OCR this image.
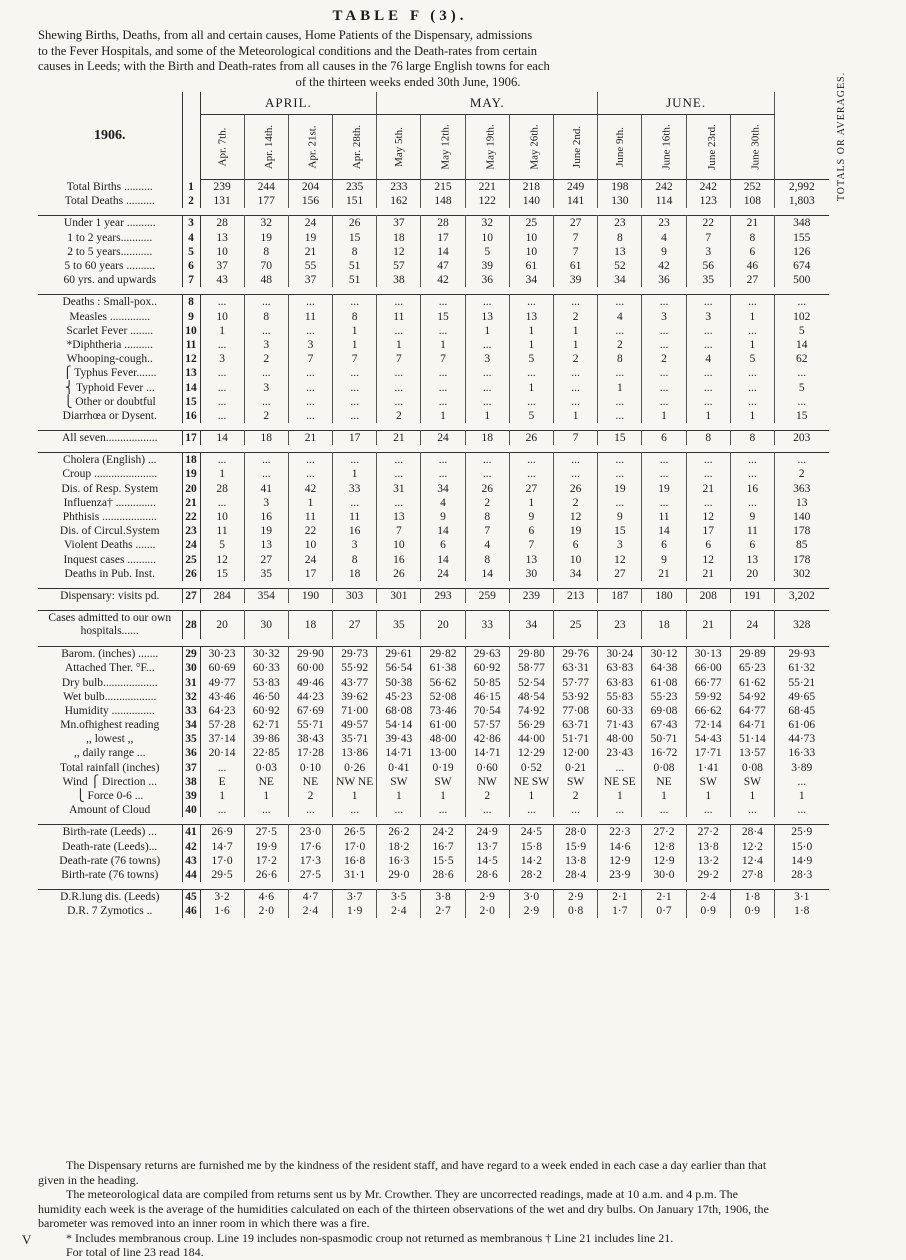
TABLE F (3).

Shewing Births, Deaths, from all and certain causes, Home Patients of the Dispensary, admissions

to the Fever Hospitals, and some of the Meteorological conditions and the Death-rates from certain

causes in Leeds; with the Birth and Death-rates from all causes in the 76 large English towns for each

of the thirteen weeks ended 30th June, 1906.

1906.		APRIL.				MAY.					JUNE.				TOTALS OR AVERAGES.
		Apr. 7th.	Apr. 14th.	Apr. 21st.	Apr. 28th.	May 5th.	May 12th.	May 19th.	May 26th.	June 2nd.	June 9th.	June 16th.	June 23rd.	June 30th.	
Total Births ..........	1	239	244	204	235	233	215	221	218	249	198	242	242	252	2,992
Total Deaths ..........	2	131	177	156	151	162	148	122	140	141	130	114	123	108	1,803

Under 1 year ..........	3	28	32	24	26	37	28	32	25	27	23	23	22	21	348
1 to 2 years...........	4	13	19	19	15	18	17	10	10	7	8	4	7	8	155
2 to 5 years...........	5	10	8	21	8	12	14	5	10	7	13	9	3	6	126
5 to 60 years ..........	6	37	70	55	51	57	47	39	61	61	52	42	56	46	674
60 yrs. and upwards	7	43	48	37	51	38	42	36	34	39	34	36	35	27	500

Deaths : Small-pox..	8	...	...	...	...	...	...	...	...	...	...	...	...	...	...
Measles ..............	9	10	8	11	8	11	15	13	13	2	4	3	3	1	102
Scarlet Fever ........	10	1	...	...	1	...	...	1	1	1	...	...	...	...	5
*Diphtheria ..........	11	...	3	3	1	1	1	...	1	1	2	...	...	1	14
Whooping-cough..	12	3	2	7	7	7	7	3	5	2	8	2	4	5	62
⎧ Typhus Fever.......	13	...	...	...	...	...	...	...	...	...	...	...	...	...	...
⎨ Typhoid Fever ...	14	...	3	...	...	...	...	...	1	...	1	...	...	...	5
⎩ Other or doubtful	15	...	...	...	...	...	...	...	...	...	...	...	...	...	...
Diarrhœa or Dysent.	16	...	2	...	...	2	1	1	5	1	...	1	1	1	15

All seven..................	17	14	18	21	17	21	24	18	26	7	15	6	8	8	203

Cholera (English) ...	18	...	...	...	...	...	...	...	...	...	...	...	...	...	...
Croup ......................	19	1	...	...	1	...	...	...	...	...	...	...	...	...	2
Dis. of Resp. System	20	28	41	42	33	31	34	26	27	26	19	19	21	16	363
Influenza† ..............	21	...	3	1	...	...	4	2	1	2	...	...	...	...	13
Phthisis ...................	22	10	16	11	11	13	9	8	9	12	9	11	12	9	140
Dis. of Circul.System	23	11	19	22	16	7	14	7	6	19	15	14	17	11	178
Violent Deaths .......	24	5	13	10	3	10	6	4	7	6	3	6	6	6	85
Inquest cases ..........	25	12	27	24	8	16	14	8	13	10	12	9	12	13	178
Deaths in Pub. Inst.	26	15	35	17	18	26	24	14	30	34	27	21	21	20	302

Dispensary: visits pd.	27	284	354	190	303	301	293	259	239	213	187	180	208	191	3,202

Cases admitted to our own hospitals......	28	20	30	18	27	35	20	33	34	25	23	18	21	24	328

Barom. (inches) .......	29	30·23	30·32	29·90	29·73	29·61	29·82	29·63	29·80	29·76	30·24	30·12	30·13	29·89	29·93
Attached Ther. °F...	30	60·69	60·33	60·00	55·92	56·54	61·38	60·92	58·77	63·31	63·83	64·38	66·00	65·23	61·32
Dry bulb...................	31	49·77	53·83	49·46	43·77	50·38	56·62	50·85	52·54	57·77	63·83	61·08	66·77	61·62	55·21
Wet bulb..................	32	43·46	46·50	44·23	39·62	45·23	52·08	46·15	48·54	53·92	55·83	55·23	59·92	54·92	49·65
Humidity ...............	33	64·23	60·92	67·69	71·00	68·08	73·46	70·54	74·92	77·08	60·33	69·08	66·62	64·77	68·45
Mn.ofhighest reading	34	57·28	62·71	55·71	49·57	54·14	61·00	57·57	56·29	63·71	71·43	67·43	72·14	64·71	61·06
,, lowest ,,	35	37·14	39·86	38·43	35·71	39·43	48·00	42·86	44·00	51·71	48·00	50·71	54·43	51·14	44·73
,, daily range ...	36	20·14	22·85	17·28	13·86	14·71	13·00	14·71	12·29	12·00	23·43	16·72	17·71	13·57	16·33
Total rainfall (inches)	37	...	0·03	0·10	0·26	0·41	0·19	0·60	0·52	0·21	...	0·08	1·41	0·08	3·89
Wind ⎧ Direction ...	38	E	NE	NE	NW NE	SW	SW	NW	NE SW	SW	NE SE	NE	SW	SW	...
⎩ Force 0-6 ...	39	1	1	2	1	1	1	2	1	2	1	1	1	1	1
Amount of Cloud	40	...	...	...	...	...	...	...	...	...	...	...	...	...	...

Birth-rate (Leeds) ...	41	26·9	27·5	23·0	26·5	26·2	24·2	24·9	24·5	28·0	22·3	27·2	27·2	28·4	25·9
Death-rate (Leeds)...	42	14·7	19·9	17·6	17·0	18·2	16·7	13·7	15·8	15·9	14·6	12·8	13·8	12·2	15·0
Death-rate (76 towns)	43	17·0	17·2	17·3	16·8	16·3	15·5	14·5	14·2	13·8	12·9	12·9	13·2	12·4	14·9
Birth-rate (76 towns)	44	29·5	26·6	27·5	31·1	29·0	28·6	28·6	28·2	28·4	23·9	30·0	29·2	27·8	28·3

D.R.lung dis. (Leeds)	45	3·2	4·6	4·7	3·7	3·5	3·8	2·9	3·0	2·9	2·1	2·1	2·4	1·8	3·1
D.R. 7 Zymotics ..	46	1·6	2·0	2·4	1·9	2·4	2·7	2·0	2·9	0·8	1·7	0·7	0·9	0·9	1·8

The Dispensary returns are furnished me by the kindness of the resident staff, and have regard to a week ended in each case a day earlier than that given in the heading.

The meteorological data are compiled from returns sent us by Mr. Crowther. They are uncorrected readings, made at 10 a.m. and 4 p.m. The humidity each week is the average of the humidities calculated on each of the thirteen observations of the wet and dry bulbs. On January 17th, 1906, the barometer was removed into an inner room in which there was a fire.

* Includes membranous croup. Line 19 includes non-spasmodic croup not returned as membranous † Line 21 includes line 21.

For total of line 23 read 184.

V
